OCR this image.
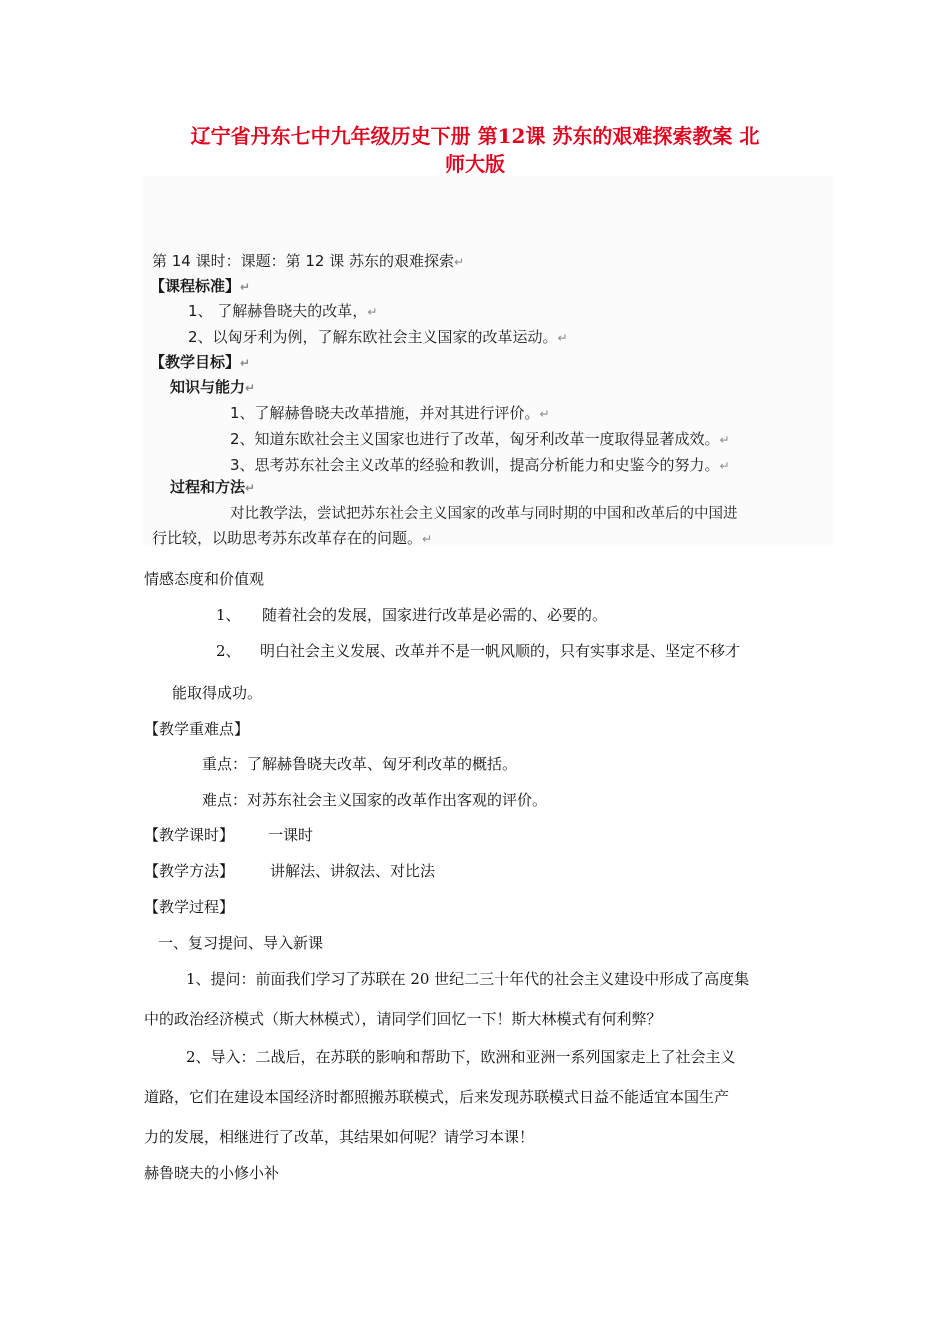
辽宁省丹东七中九年级历史下册 第12课 苏东的艰难探索教案 北
师大版
第 14 课时：课题：第 12 课 苏东的艰难探索↵
【课程标准】↵
1、 了解赫鲁晓夫的改革，↵
2、以匈牙利为例，了解东欧社会主义国家的改革运动。↵
【教学目标】↵
知识与能力↵
1、了解赫鲁晓夫改革措施，并对其进行评价。↵
2、知道东欧社会主义国家也进行了改革，匈牙利改革一度取得显著成效。↵
3、思考苏东社会主义改革的经验和教训，提高分析能力和史鉴今的努力。↵
过程和方法↵
对比教学法，尝试把苏东社会主义国家的改革与同时期的中国和改革后的中国进
行比较，以助思考苏东改革存在的问题。↵
情感态度和价值观
1、 随着社会的发展，国家进行改革是必需的、必要的。
2、 明白社会主义发展、改革并不是一帆风顺的，只有实事求是、坚定不移才
能取得成功。
【教学重难点】
重点：了解赫鲁晓夫改革、匈牙利改革的概括。
难点：对苏东社会主义国家的改革作出客观的评价。
【教学课时】 一课时
【教学方法】 讲解法、讲叙法、对比法
【教学过程】
一、复习提问、导入新课
1、提问：前面我们学习了苏联在 20 世纪二三十年代的社会主义建设中形成了高度集
中的政治经济模式（斯大林模式），请同学们回忆一下！斯大林模式有何利弊？
2、导入：二战后，在苏联的影响和帮助下，欧洲和亚洲一系列国家走上了社会主义
道路，它们在建设本国经济时都照搬苏联模式，后来发现苏联模式日益不能适宜本国生产
力的发展，相继进行了改革，其结果如何呢？请学习本课！
赫鲁晓夫的小修小补
